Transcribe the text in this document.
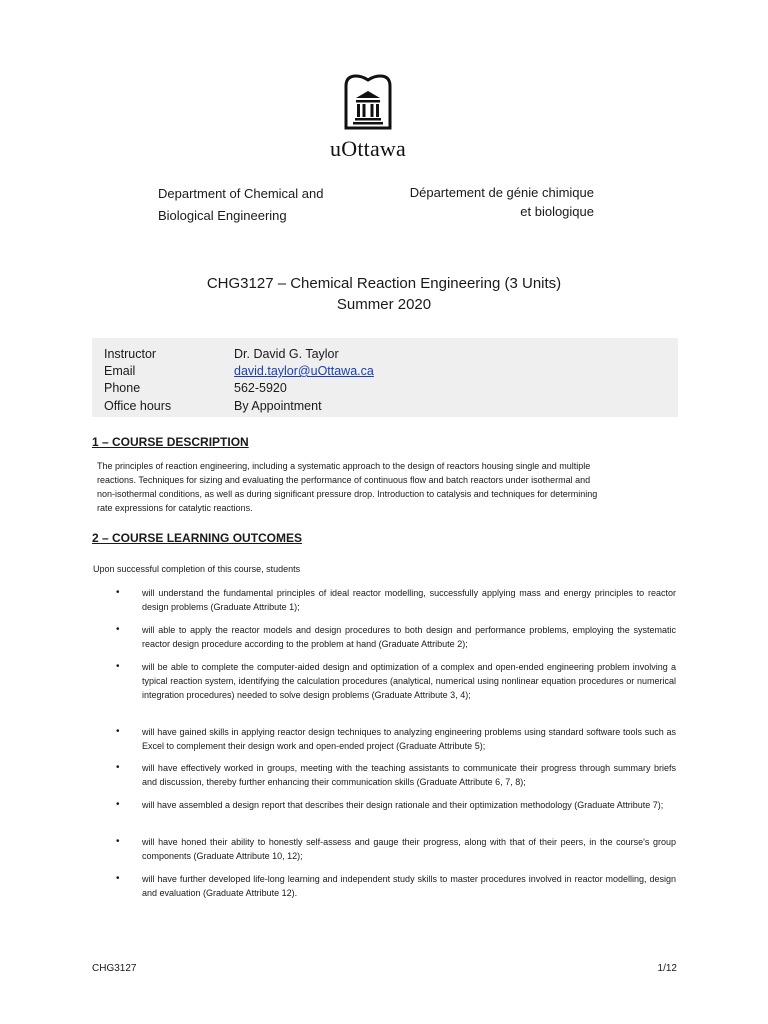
uOttawa
Department of Chemical and
Biological Engineering
Département de génie chimique
et biologique
CHG3127 – Chemical Reaction Engineering (3 Units)
Summer 2020
Instructor	Dr. David G. Taylor
Email	david.taylor@uOttawa.ca
Phone	562-5920
Office hours	By Appointment
1 – COURSE DESCRIPTION
The principles of reaction engineering, including a systematic approach to the design of reactors housing single and multiple
reactions. Techniques for sizing and evaluating the performance of continuous flow and batch reactors under isothermal and
non-isothermal conditions, as well as during significant pressure drop. Introduction to catalysis and techniques for determining
rate expressions for catalytic reactions.
2 – COURSE LEARNING OUTCOMES
Upon successful completion of this course, students
• will understand the fundamental principles of ideal reactor modelling, successfully applying mass and energy principles to reactor design problems (Graduate Attribute 1);
• will able to apply the reactor models and design procedures to both design and performance problems, employing the systematic reactor design procedure according to the problem at hand (Graduate Attribute 2);
• will be able to complete the computer-aided design and optimization of a complex and open-ended engineering problem involving a typical reaction system, identifying the calculation procedures (analytical, numerical using nonlinear equation procedures or numerical integration procedures) needed to solve design problems (Graduate Attribute 3, 4);
• will have gained skills in applying reactor design techniques to analyzing engineering problems using standard software tools such as Excel to complement their design work and open-ended project (Graduate Attribute 5);
• will have effectively worked in groups, meeting with the teaching assistants to communicate their progress through summary briefs and discussion, thereby further enhancing their communication skills (Graduate Attribute 6, 7, 8);
• will have assembled a design report that describes their design rationale and their optimization methodology (Graduate Attribute 7);
• will have honed their ability to honestly self-assess and gauge their progress, along with that of their peers, in the course's group components (Graduate Attribute 10, 12);
• will have further developed life-long learning and independent study skills to master procedures involved in reactor modelling, design and evaluation (Graduate Attribute 12).
CHG3127	1/12
